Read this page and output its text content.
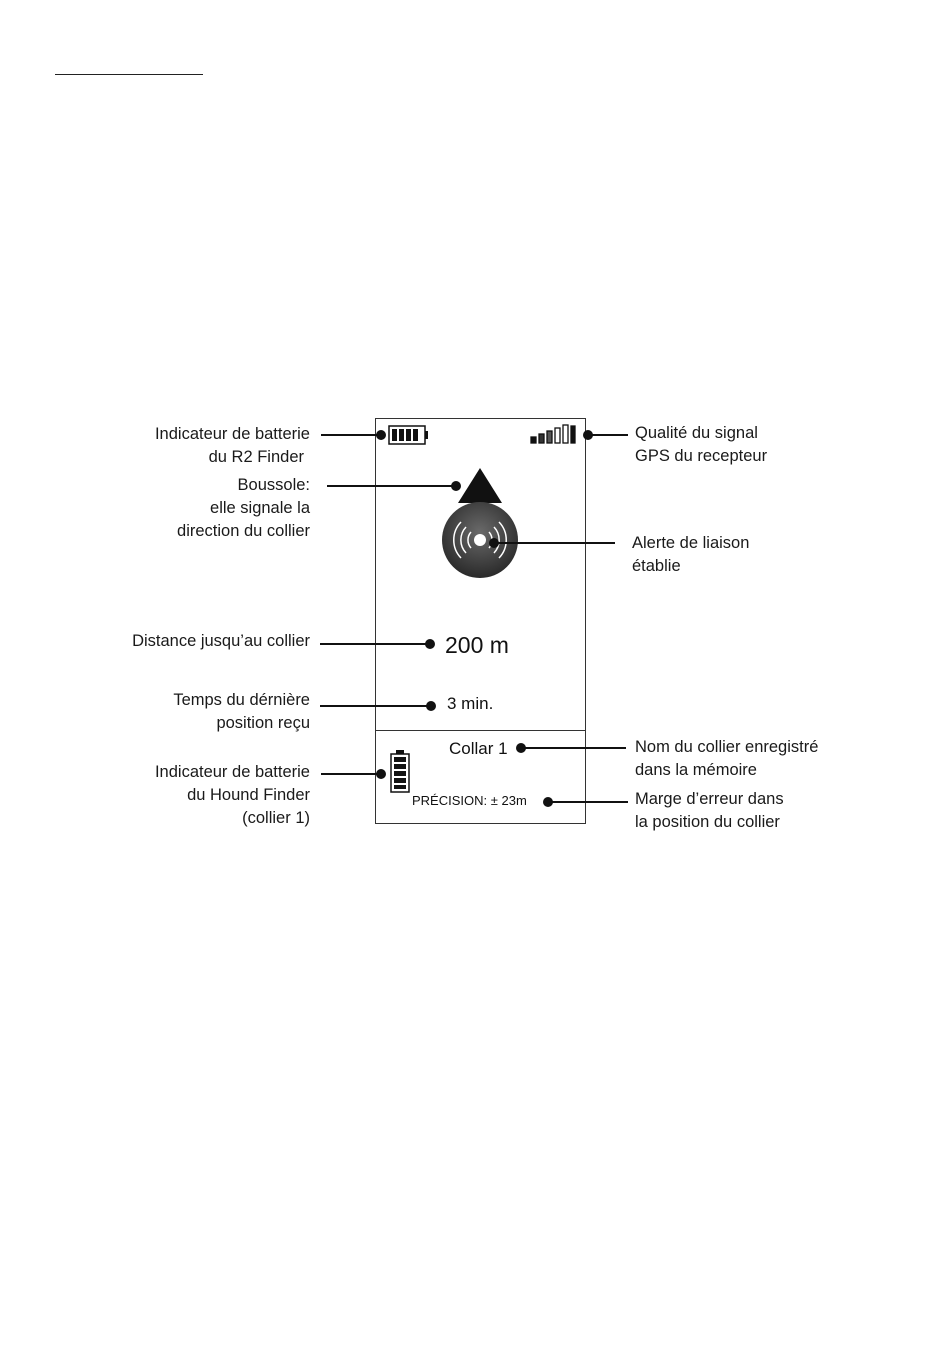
200 m
3 min.
Collar 1
PRÉCISION: ± 23m
Indicateur de batterie
du R2 Finder
Boussole:
elle signale la
direction du collier
Distance jusqu’au collier
Temps du dérnière
position reçu
Indicateur de batterie
du Hound Finder
(collier 1)
Qualité du signal
GPS du recepteur
Alerte de liaison
établie
Nom du collier enregistré
dans la mémoire
Marge d’erreur dans
la position du collier
